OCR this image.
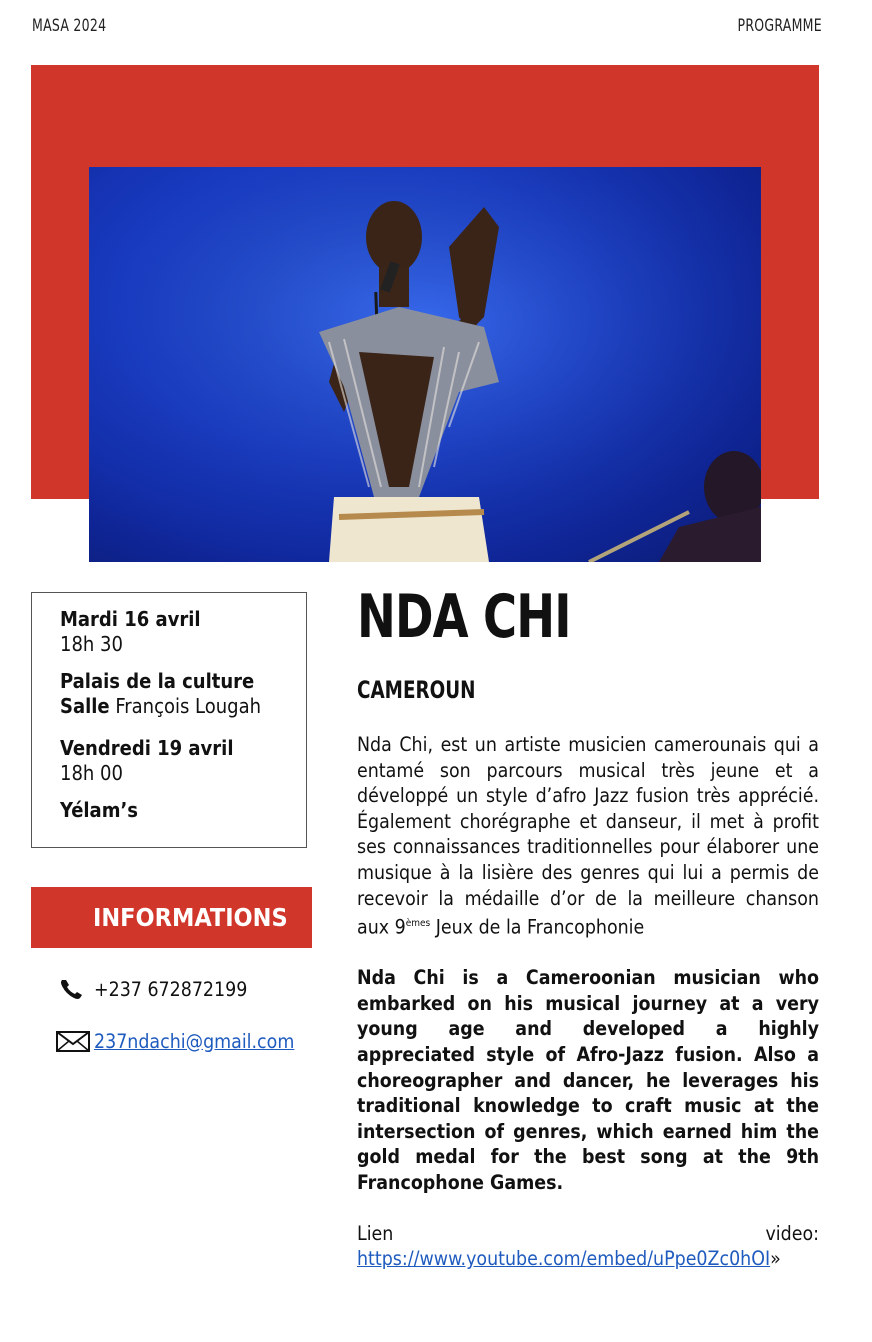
MASA 2024	PROGRAMME
Mardi 16 avril
18h 30
Palais de la culture
Salle François Lougah
Vendredi 19 avril
18h 00
Yélam’s
NDA CHI
CAMEROUN

Nda Chi, est un artiste musicien camerounais qui a entamé son parcours musical très jeune et a développé un style d’afro Jazz fusion très apprécié. Également chorégraphe et danseur, il met à profit ses connaissances traditionnelles pour élaborer une musique à la lisière des genres qui lui a permis de recevoir la médaille d’or de la meilleure chanson aux 9èmes Jeux de la Francophonie

Nda Chi is a Cameroonian musician who embarked on his musical journey at a very young age and developed a highly appreciated style of Afro-Jazz fusion. Also a choreographer and dancer, he leverages his traditional knowledge to craft music at the intersection of genres, which earned him the gold medal for the best song at the 9th Francophone Games.

Lien video: https://www.youtube.com/embed/uPpe0Zc0hOI»

INFORMATIONS
+237 672872199
237ndachi@gmail.com
